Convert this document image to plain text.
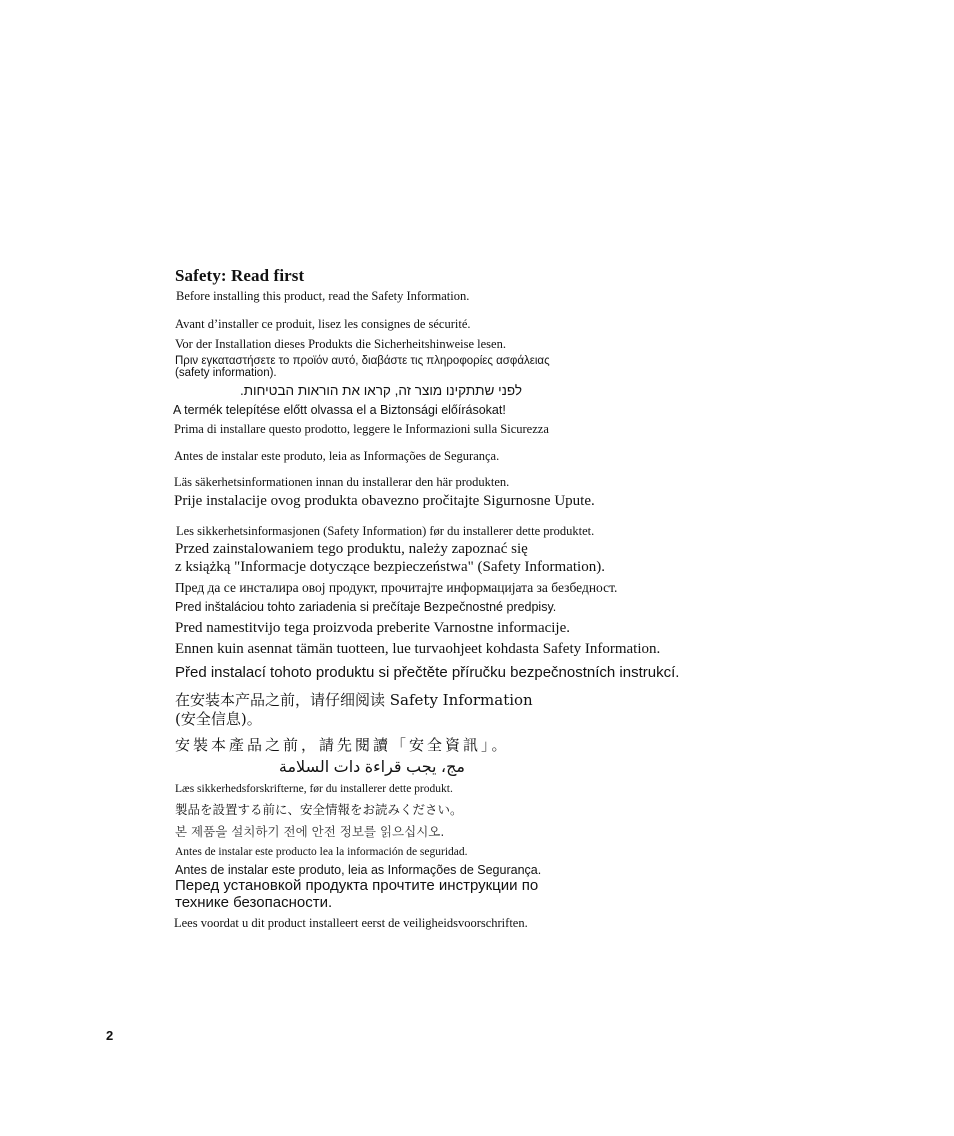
Safety: Read first
Before installing this product, read the Safety Information.
Avant d’installer ce produit, lisez les consignes de sécurité.
Vor der Installation dieses Produkts die Sicherheitshinweise lesen.
Πριν εγκαταστήσετε το προϊόν αυτό, διαβάστε τις πληροφορίες ασφάλειας
(safety information).
לפני שתתקינו מוצר זה, קראו את הוראות הבטיחות.
A termék telepítése előtt olvassa el a Biztonsági előírásokat!
Prima di installare questo prodotto, leggere le Informazioni sulla Sicurezza
Antes de instalar este produto, leia as Informações de Segurança.
Läs säkerhetsinformationen innan du installerar den här produkten.
Prije instalacije ovog produkta obavezno pročitajte Sigurnosne Upute.
Les sikkerhetsinformasjonen (Safety Information) før du installerer dette produktet.
Przed zainstalowaniem tego produktu, należy zapoznać się
z książką "Informacje dotyczące bezpieczeństwa" (Safety Information).
Пред да се инсталира овој продукт, прочитајте информацијата за безбедност.
Pred inštaláciou tohto zariadenia si prečítaje Bezpečnostné predpisy.
Pred namestitvijo tega proizvoda preberite Varnostne informacije.
Ennen kuin asennat tämän tuotteen, lue turvaohjeet kohdasta Safety Information.
Před instalací tohoto produktu si přečtěte příručku bezpečnostních instrukcí.
在安装本产品之前，请仔细阅读 Safety Information
(安全信息)。
安裝本產品之前，請先閱讀「安全資訊」。
مج، يجب قراءة دات السلامة
Læs sikkerhedsforskrifterne, før du installerer dette produkt.
製品を設置する前に、安全情報をお読みください。
본 제품을 설치하기 전에 안전 정보를 읽으십시오.
Antes de instalar este producto lea la información de seguridad.
Antes de instalar este produto, leia as Informações de Segurança.
Перед установкой продукта прочтите инструкции по
технике безопасности.
Lees voordat u dit product installeert eerst de veiligheidsvoorschriften.
2
